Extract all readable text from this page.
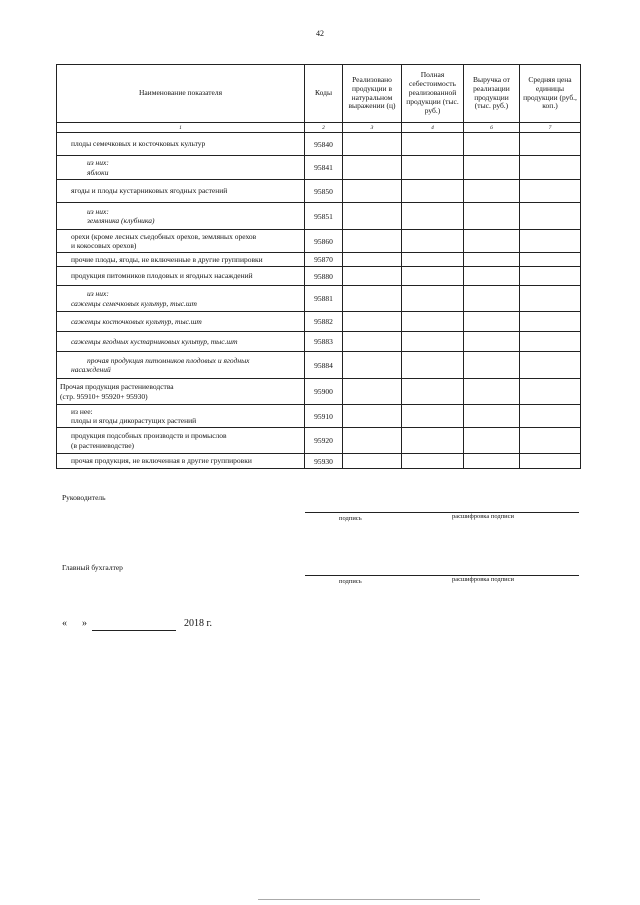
42
Наименование показателя	Коды	Реализовано продукции в натуральном выражении (ц)	Полная себестоимость реализованной продукции (тыс. руб.)	Выручка от реализации продукции (тыс. руб.)	Средняя цена единицы продукции (руб., коп.)
1	2	3	4	6	7
плоды семечковых и косточковых культур	95840				
из них:
яблоки	95841				
ягоды и плоды кустарниковых ягодных растений	95850				
из них:
земляника (клубника)	95851				
орехи (кроме лесных съедобных орехов, земляных орехов
и кокосовых орехов)	95860				
прочие плоды, ягоды, не включенные в другие группировки	95870				
продукция питомников плодовых и ягодных насаждений	95880				
из них:
саженцы семечковых культур, тыс.шт	95881				
саженцы косточковых культур, тыс.шт	95882				
саженцы ягодных кустарниковых культур, тыс.шт	95883				
прочая продукция питомников плодовых и ягодных
насаждений	95884				
Прочая продукция растениеводства
(стр. 95910+ 95920+ 95930)	95900				
из нее:
плоды и ягоды дикорастущих растений	95910				
продукция подсобных производств и промыслов
(в растениеводстве)	95920				
прочая продукция, не включенная в другие группировки	95930				
Руководитель
подпись	расшифровка подписи
Главный бухгалтер
подпись	расшифровка подписи
« »	2018 г.
